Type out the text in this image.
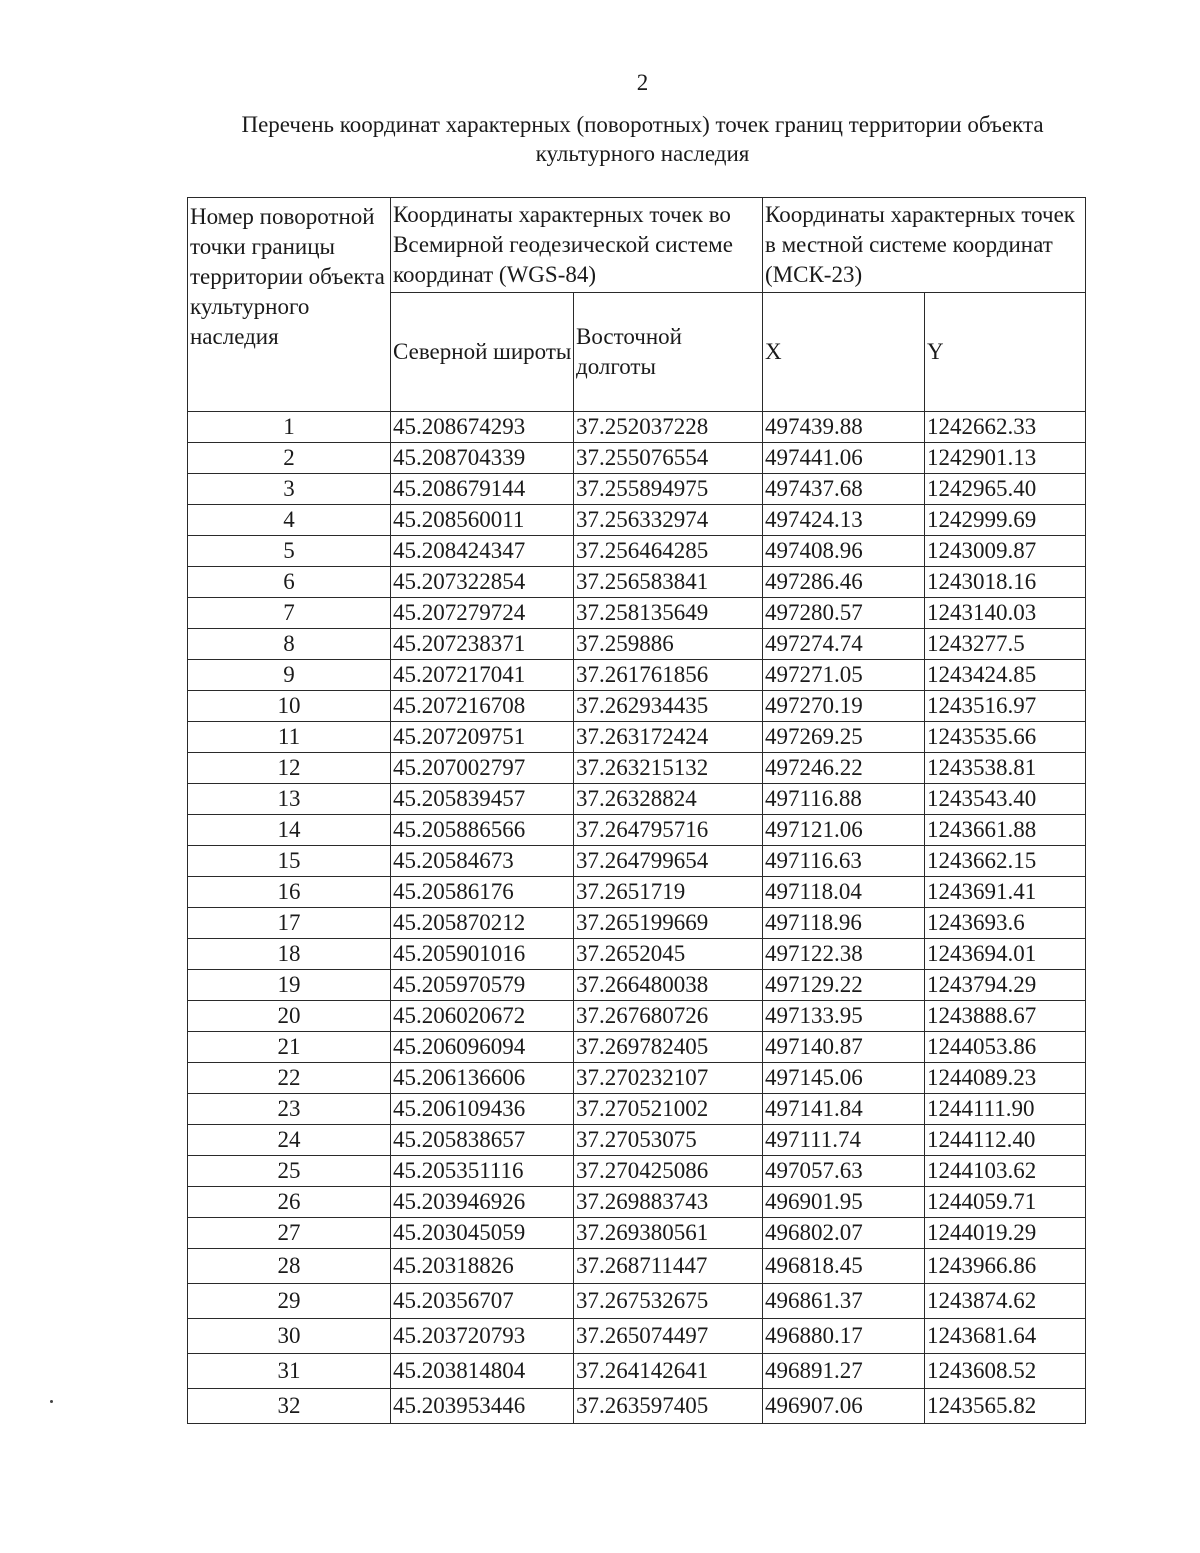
2
Перечень координат характерных (поворотных) точек границ территории объекта культурного наследия
Номер поворотной точки границы территории объекта культурного наследия	Координаты характерных точек во Всемирной геодезической системе координат (WGS-84)		Координаты характерных точек в местной системе координат (МСК-23)	
	Северной широты	Восточной долготы	X	Y
1	45.208674293	37.252037228	497439.88	1242662.33
2	45.208704339	37.255076554	497441.06	1242901.13
3	45.208679144	37.255894975	497437.68	1242965.40
4	45.208560011	37.256332974	497424.13	1242999.69
5	45.208424347	37.256464285	497408.96	1243009.87
6	45.207322854	37.256583841	497286.46	1243018.16
7	45.207279724	37.258135649	497280.57	1243140.03
8	45.207238371	37.259886	497274.74	1243277.5
9	45.207217041	37.261761856	497271.05	1243424.85
10	45.207216708	37.262934435	497270.19	1243516.97
11	45.207209751	37.263172424	497269.25	1243535.66
12	45.207002797	37.263215132	497246.22	1243538.81
13	45.205839457	37.26328824	497116.88	1243543.40
14	45.205886566	37.264795716	497121.06	1243661.88
15	45.20584673	37.264799654	497116.63	1243662.15
16	45.20586176	37.2651719	497118.04	1243691.41
17	45.205870212	37.265199669	497118.96	1243693.6
18	45.205901016	37.2652045	497122.38	1243694.01
19	45.205970579	37.266480038	497129.22	1243794.29
20	45.206020672	37.267680726	497133.95	1243888.67
21	45.206096094	37.269782405	497140.87	1244053.86
22	45.206136606	37.270232107	497145.06	1244089.23
23	45.206109436	37.270521002	497141.84	1244111.90
24	45.205838657	37.27053075	497111.74	1244112.40
25	45.205351116	37.270425086	497057.63	1244103.62
26	45.203946926	37.269883743	496901.95	1244059.71
27	45.203045059	37.269380561	496802.07	1244019.29
28	45.20318826	37.268711447	496818.45	1243966.86
29	45.20356707	37.267532675	496861.37	1243874.62
30	45.203720793	37.265074497	496880.17	1243681.64
31	45.203814804	37.264142641	496891.27	1243608.52
32	45.203953446	37.263597405	496907.06	1243565.82
